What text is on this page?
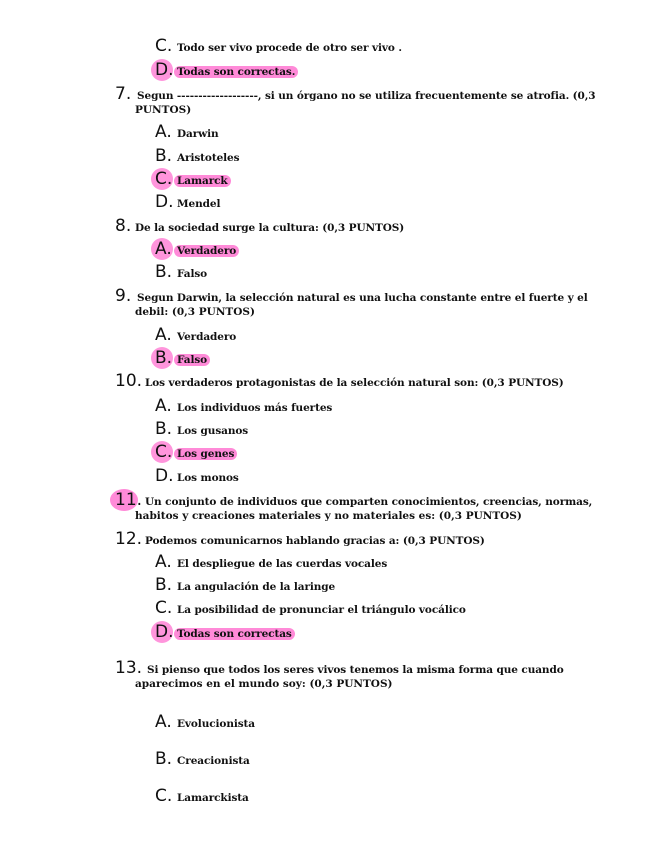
C. Todo ser vivo procede de otro ser vivo .
D. Todas son correctas.
7. Segun -------------------, si un órgano no se utiliza frecuentemente se atrofia. (0,3
PUNTOS)
A. Darwin
B. Aristoteles
C. Lamarck
D. Mendel
8. De la sociedad surge la cultura: (0,3 PUNTOS)
A. Verdadero
B. Falso
9. Segun Darwin, la selección natural es una lucha constante entre el fuerte y el
debil: (0,3 PUNTOS)
A. Verdadero
B. Falso
10. Los verdaderos protagonistas de la selección natural son: (0,3 PUNTOS)
A. Los individuos más fuertes
B. Los gusanos
C. Los genes
D. Los monos
11. Un conjunto de individuos que comparten conocimientos, creencias, normas,
habitos y creaciones materiales y no materiales es: (0,3 PUNTOS)
12. Podemos comunicarnos hablando gracias a: (0,3 PUNTOS)
A. El despliegue de las cuerdas vocales
B. La angulación de la laringe
C. La posibilidad de pronunciar el triángulo vocálico
D. Todas son correctas
13. Si pienso que todos los seres vivos tenemos la misma forma que cuando
aparecimos en el mundo soy: (0,3 PUNTOS)
A. Evolucionista
B. Creacionista
C. Lamarckista
